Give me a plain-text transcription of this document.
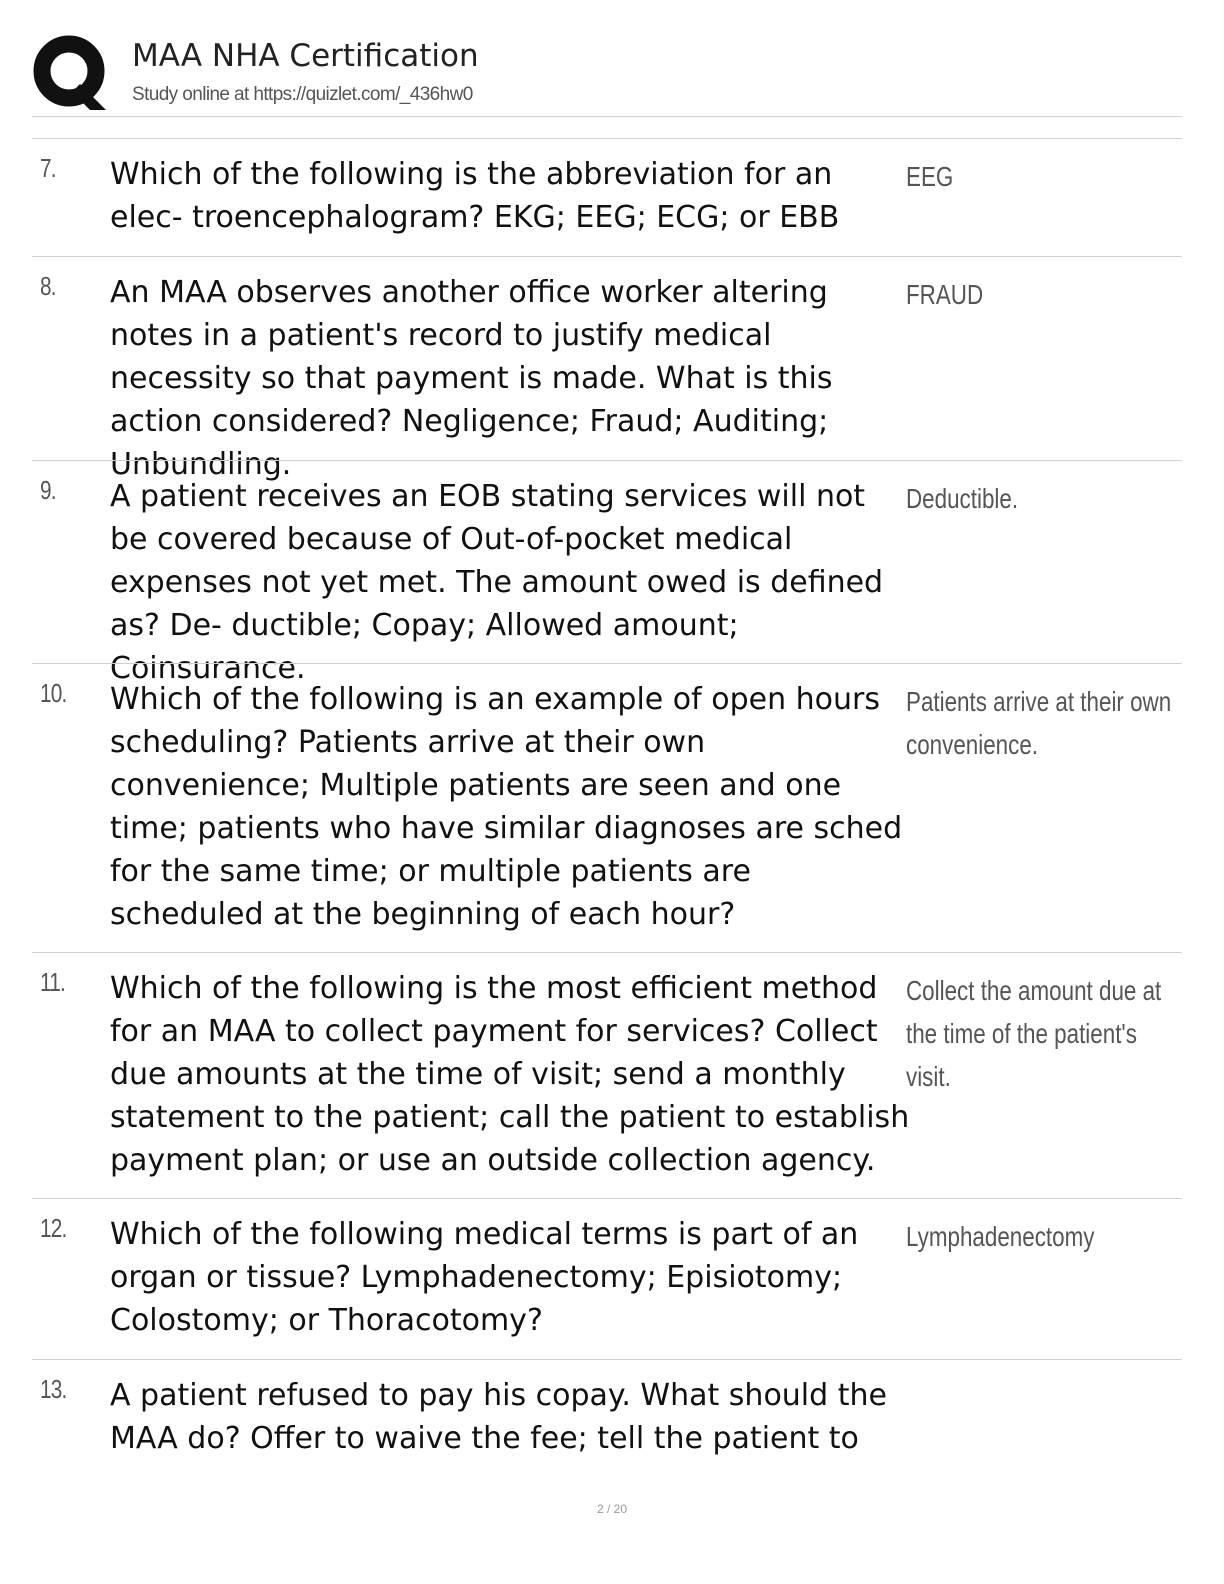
MAA NHA Certification
Study online at https://quizlet.com/_436hw0
7. Which of the following is the abbreviation for an elec- troencephalogram? EKG; EEG; ECG; or EBB
EEG
8. An MAA observes another office worker altering notes in a patient's record to justify medical necessity so that payment is made. What is this action considered? Negligence; Fraud; Auditing; Unbundling.
FRAUD
9. A patient receives an EOB stating services will not be covered because of Out-of-pocket medical expenses not yet met. The amount owed is defined as? De- ductible; Copay; Allowed amount; Coinsurance.
Deductible.
10. Which of the following is an example of open hours scheduling? Patients arrive at their own convenience; Multiple patients are seen and one time; patients who have similar diagnoses are sched for the same time; or multiple patients are scheduled at the beginning of each hour?
Patients arrive at their own convenience.
11. Which of the following is the most efficient method for an MAA to collect payment for services? Collect due amounts at the time of visit; send a monthly statement to the patient; call the patient to establish payment plan; or use an outside collection agency.
Collect the amount due at the time of the patient's visit.
12. Which of the following medical terms is part of an organ or tissue? Lymphadenectomy; Episiotomy; Colostomy; or Thoracotomy?
Lymphadenectomy
13. A patient refused to pay his copay. What should the MAA do? Offer to waive the fee; tell the patient to
2 / 20
